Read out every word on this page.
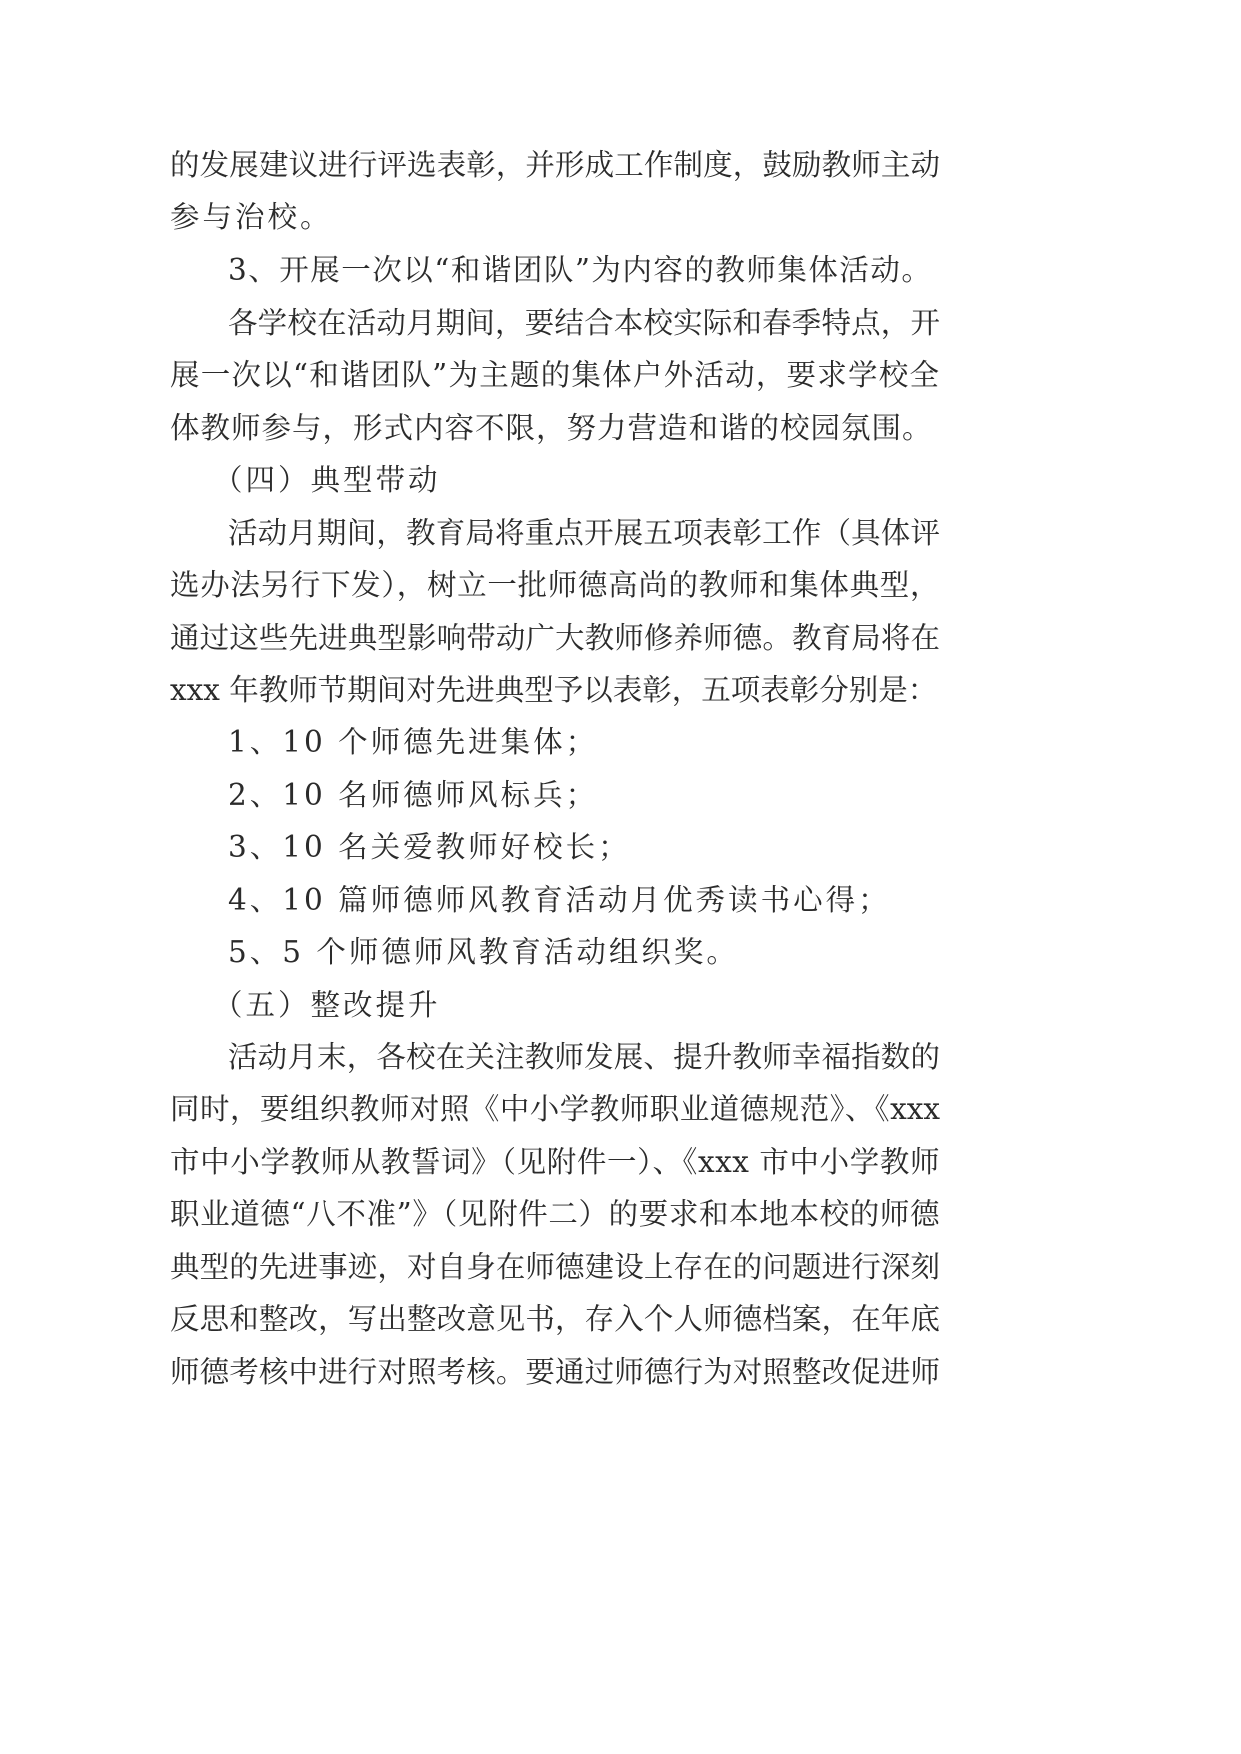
的发展建议进行评选表彰，并形成工作制度，鼓励教师主动
参与治校。
3、开展一次以“和谐团队”为内容的教师集体活动。
各学校在活动月期间，要结合本校实际和春季特点，开
展一次以“和谐团队”为主题的集体户外活动，要求学校全
体教师参与，形式内容不限，努力营造和谐的校园氛围。
（四）典型带动
活动月期间，教育局将重点开展五项表彰工作（具体评
选办法另行下发），树立一批师德高尚的教师和集体典型，
通过这些先进典型影响带动广大教师修养师德。教育局将在
xxx 年教师节期间对先进典型予以表彰，五项表彰分别是：
1、10 个师德先进集体；
2、10 名师德师风标兵；
3、10 名关爱教师好校长；
4、10 篇师德师风教育活动月优秀读书心得；
5、5 个师德师风教育活动组织奖。
（五）整改提升
活动月末，各校在关注教师发展、提升教师幸福指数的
同时，要组织教师对照《中小学教师职业道德规范》、《xxx
市中小学教师从教誓词》（见附件一）、《xxx 市中小学教师
职业道德“八不准”》（见附件二）的要求和本地本校的师德
典型的先进事迹，对自身在师德建设上存在的问题进行深刻
反思和整改，写出整改意见书，存入个人师德档案，在年底
师德考核中进行对照考核。要通过师德行为对照整改促进师
